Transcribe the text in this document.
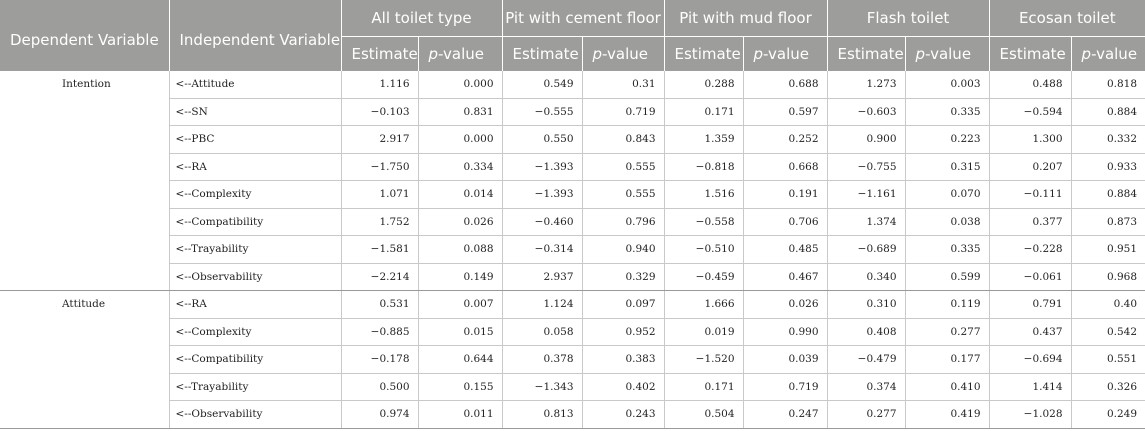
Dependent Variable	Independent Variable	All toilet type		Pit with cement floor		Pit with mud floor		Flash toilet		Ecosan toilet	
		Estimate	p-value	Estimate	p-value	Estimate	p-value	Estimate	p-value	Estimate	p-value
Intention	<--Attitude	1.116	0.000	0.549	0.31	0.288	0.688	1.273	0.003	0.488	0.818
	<--SN	−0.103	0.831	−0.555	0.719	0.171	0.597	−0.603	0.335	−0.594	0.884
	<--PBC	2.917	0.000	0.550	0.843	1.359	0.252	0.900	0.223	1.300	0.332
	<--RA	−1.750	0.334	−1.393	0.555	−0.818	0.668	−0.755	0.315	0.207	0.933
	<--Complexity	1.071	0.014	−1.393	0.555	1.516	0.191	−1.161	0.070	−0.111	0.884
	<--Compatibility	1.752	0.026	−0.460	0.796	−0.558	0.706	1.374	0.038	0.377	0.873
	<--Trayability	−1.581	0.088	−0.314	0.940	−0.510	0.485	−0.689	0.335	−0.228	0.951
	<--Observability	−2.214	0.149	2.937	0.329	−0.459	0.467	0.340	0.599	−0.061	0.968
Attitude	<--RA	0.531	0.007	1.124	0.097	1.666	0.026	0.310	0.119	0.791	0.40
	<--Complexity	−0.885	0.015	0.058	0.952	0.019	0.990	0.408	0.277	0.437	0.542
	<--Compatibility	−0.178	0.644	0.378	0.383	−1.520	0.039	−0.479	0.177	−0.694	0.551
	<--Trayability	0.500	0.155	−1.343	0.402	0.171	0.719	0.374	0.410	1.414	0.326
	<--Observability	0.974	0.011	0.813	0.243	0.504	0.247	0.277	0.419	−1.028	0.249
